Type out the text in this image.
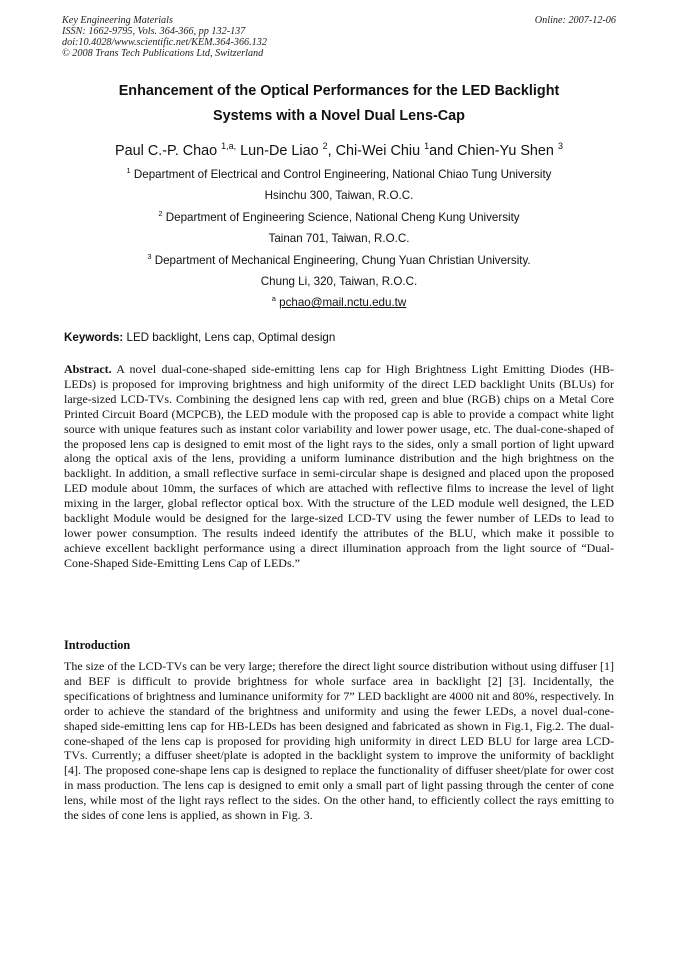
Key Engineering Materials
ISSN: 1662-9795, Vols. 364-366, pp 132-137
doi:10.4028/www.scientific.net/KEM.364-366.132
© 2008 Trans Tech Publications Ltd, Switzerland
Online: 2007-12-06
Enhancement of the Optical Performances for the LED Backlight
Systems with a Novel Dual Lens-Cap
Paul C.-P. Chao $^{1,a,}$ Lun-De Liao $^2$, Chi-Wei Chiu $^1$and Chien-Yu Shen $^3$
$^1$ Department of Electrical and Control Engineering, National Chiao Tung University
Hsinchu 300, Taiwan, R.O.C.
$^2$ Department of Engineering Science, National Cheng Kung University
Tainan 701, Taiwan, R.O.C.
$^3$ Department of Mechanical Engineering, Chung Yuan Christian University.
Chung Li, 320, Taiwan, R.O.C.
$^a$ pchao@mail.nctu.edu.tw
Keywords: LED backlight, Lens cap, Optimal design
Abstract. A novel dual-cone-shaped side-emitting lens cap for High Brightness Light Emitting Diodes (HB-LEDs) is proposed for improving brightness and high uniformity of the direct LED backlight Units (BLUs) for large-sized LCD-TVs. Combining the designed lens cap with red, green and blue (RGB) chips on a Metal Core Printed Circuit Board (MCPCB), the LED module with the proposed cap is able to provide a compact white light source with unique features such as instant color variability and lower power usage, etc. The dual-cone-shaped of the proposed lens cap is designed to emit most of the light rays to the sides, only a small portion of light upward along the optical axis of the lens, providing a uniform luminance distribution and the high brightness on the backlight. In addition, a small reflective surface in semi-circular shape is designed and placed upon the proposed LED module about 10mm, the surfaces of which are attached with reflective films to increase the level of light mixing in the larger, global reflector optical box. With the structure of the LED module well designed, the LED backlight Module would be designed for the large-sized LCD-TV using the fewer number of LEDs to lead to lower power consumption. The results indeed identify the attributes of the BLU, which make it possible to achieve excellent backlight performance using a direct illumination approach from the light source of “Dual-Cone-Shaped Side-Emitting Lens Cap of LEDs.”
Introduction
The size of the LCD-TVs can be very large; therefore the direct light source distribution without using diffuser [1] and BEF is difficult to provide brightness for whole surface area in backlight [2] [3]. Incidentally, the specifications of brightness and luminance uniformity for 7” LED backlight are 4000 nit and 80%, respectively. In order to achieve the standard of the brightness and uniformity and using the fewer LEDs, a novel dual-cone-shaped side-emitting lens cap for HB-LEDs has been designed and fabricated as shown in Fig.1, Fig.2. The dual-cone-shaped of the lens cap is proposed for providing high uniformity in direct LED BLU for large area LCD-TVs. Currently; a diffuser sheet/plate is adopted in the backlight system to improve the uniformity of backlight [4]. The proposed cone-shape lens cap is designed to replace the functionality of diffuser sheet/plate for ower cost in mass production. The lens cap is designed to emit only a small part of light passing through the center of cone lens, while most of the light rays reflect to the sides. On the other hand, to efficiently collect the rays emitting to the sides of cone lens is applied, as shown in Fig. 3.
